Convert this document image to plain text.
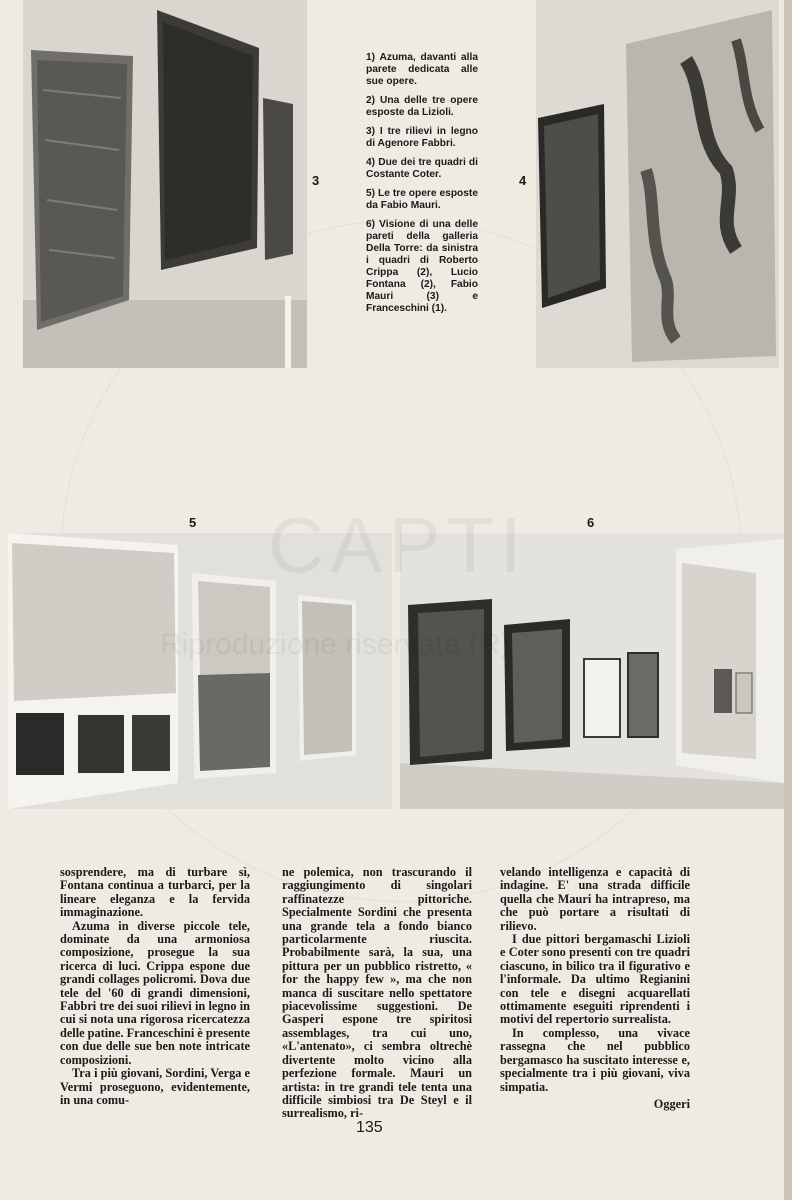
3

1) Azuma, davanti alla parete dedicata alle sue opere.

2) Una delle tre opere esposte da Lizioli.

3) I tre rilievi in legno di Agenore Fabbri.

4) Due dei tre quadri di Costante Coter.

5) Le tre opere esposte da Fabio Mauri.

6) Visione di una delle pareti della galleria Della Torre: da sinistra i quadri di Roberto Crippa (2), Lucio Fontana (2), Fabio Mauri (3) e Franceschini (1).

4
5	6
CAPTI
Riproduzione riservata (R)

sosprendere, ma di turbare sì, Fontana continua a turbarci, per la lineare eleganza e la fervida immaginazione.

Azuma in diverse piccole tele, dominate da una armoniosa composizione, prosegue la sua ricerca di luci. Crippa espone due grandi collages policromi. Dova due tele del '60 di grandi dimensioni, Fabbri tre dei suoi rilievi in legno in cui si nota una rigorosa ricercatezza delle patine. Franceschini è presente con due delle sue ben note intricate composizioni.

Tra i più giovani, Sordini, Verga e Vermi proseguono, evidentemente, in una comu-

ne polemica, non trascurando il raggiungimento di singolari raffinatezze pittoriche. Specialmente Sordini che presenta una grande tela a fondo bianco particolarmente riuscita. Probabilmente sarà, la sua, una pittura per un pubblico ristretto, « for the happy few », ma che non manca di suscitare nello spettatore piacevolissime suggestioni. De Gasperi espone tre spiritosi assemblages, tra cui uno, «L'antenato», ci sembra oltrechè divertente molto vicino alla perfezione formale. Mauri un artista: in tre grandi tele tenta una difficile simbiosi tra De Steyl e il surrealismo, ri-

velando intelligenza e capacità di indagine. E' una strada difficile quella che Mauri ha intrapreso, ma che può portare a risultati di rilievo.

I due pittori bergamaschi Lizioli e Coter sono presenti con tre quadri ciascuno, in bilico tra il figurativo e l'informale. Da ultimo Regianini con tele e disegni acquarellati ottimamente eseguiti riprendenti i motivi del repertorio surrealista.

In complesso, una vivace rassegna che nel pubblico bergamasco ha suscitato interesse e, specialmente tra i più giovani, viva simpatia.

Oggeri

135
